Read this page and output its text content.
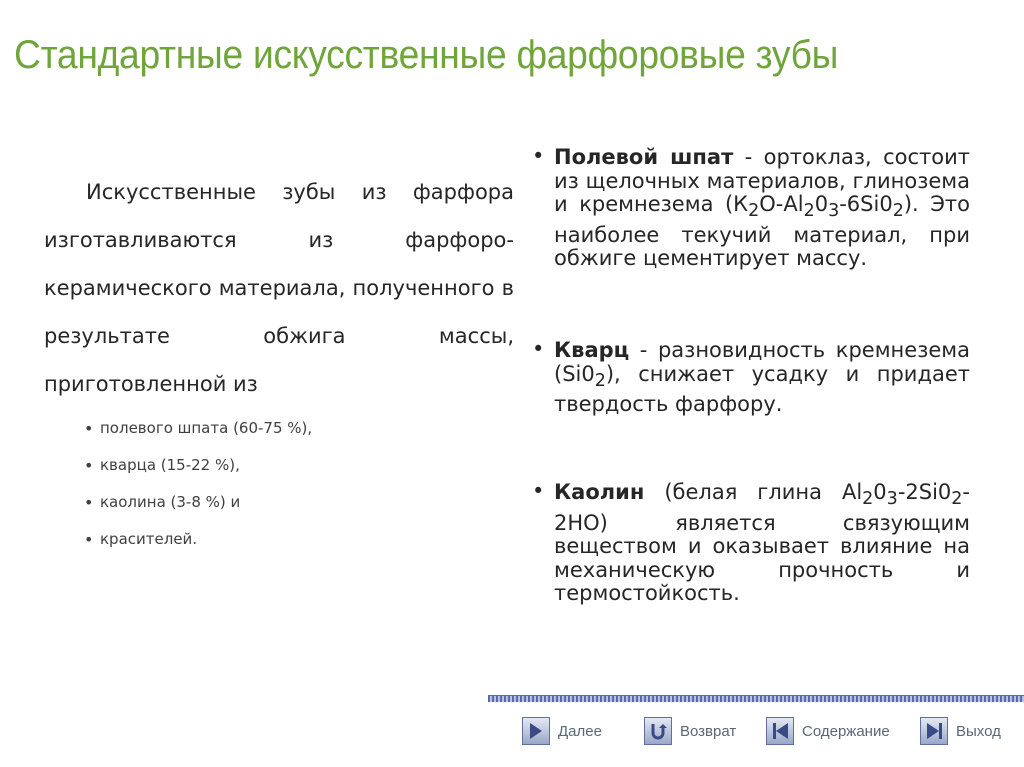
Стандартные искусственные фарфоровые зубы
Искусственные зубы из фарфора изготавливаются из фарфоро-керамического материала, полученного в результате обжига массы, приготовленной из
• полевого шпата (60-75 %),
• кварца (15-22 %),
• каолина (3-8 %) и
• красителей.
• Полевой шпат - ортоклаз, состоит из щелочных материалов, глинозема и кремнезема $(К_2О-Al_20_3-6Si0_2)$. Это наиболее текучий материал, при обжиге цементирует массу.
• Кварц - разновидность кремнезема $(Si0_2)$, снижает усадку и придает твердость фарфору.
• Каолин (белая глина $Al_20_3-2Si0_2-2НО$) является связующим веществом и оказывает влияние на механическую прочность и термостойкость.
Далее	Возврат	Содержание	Выход
